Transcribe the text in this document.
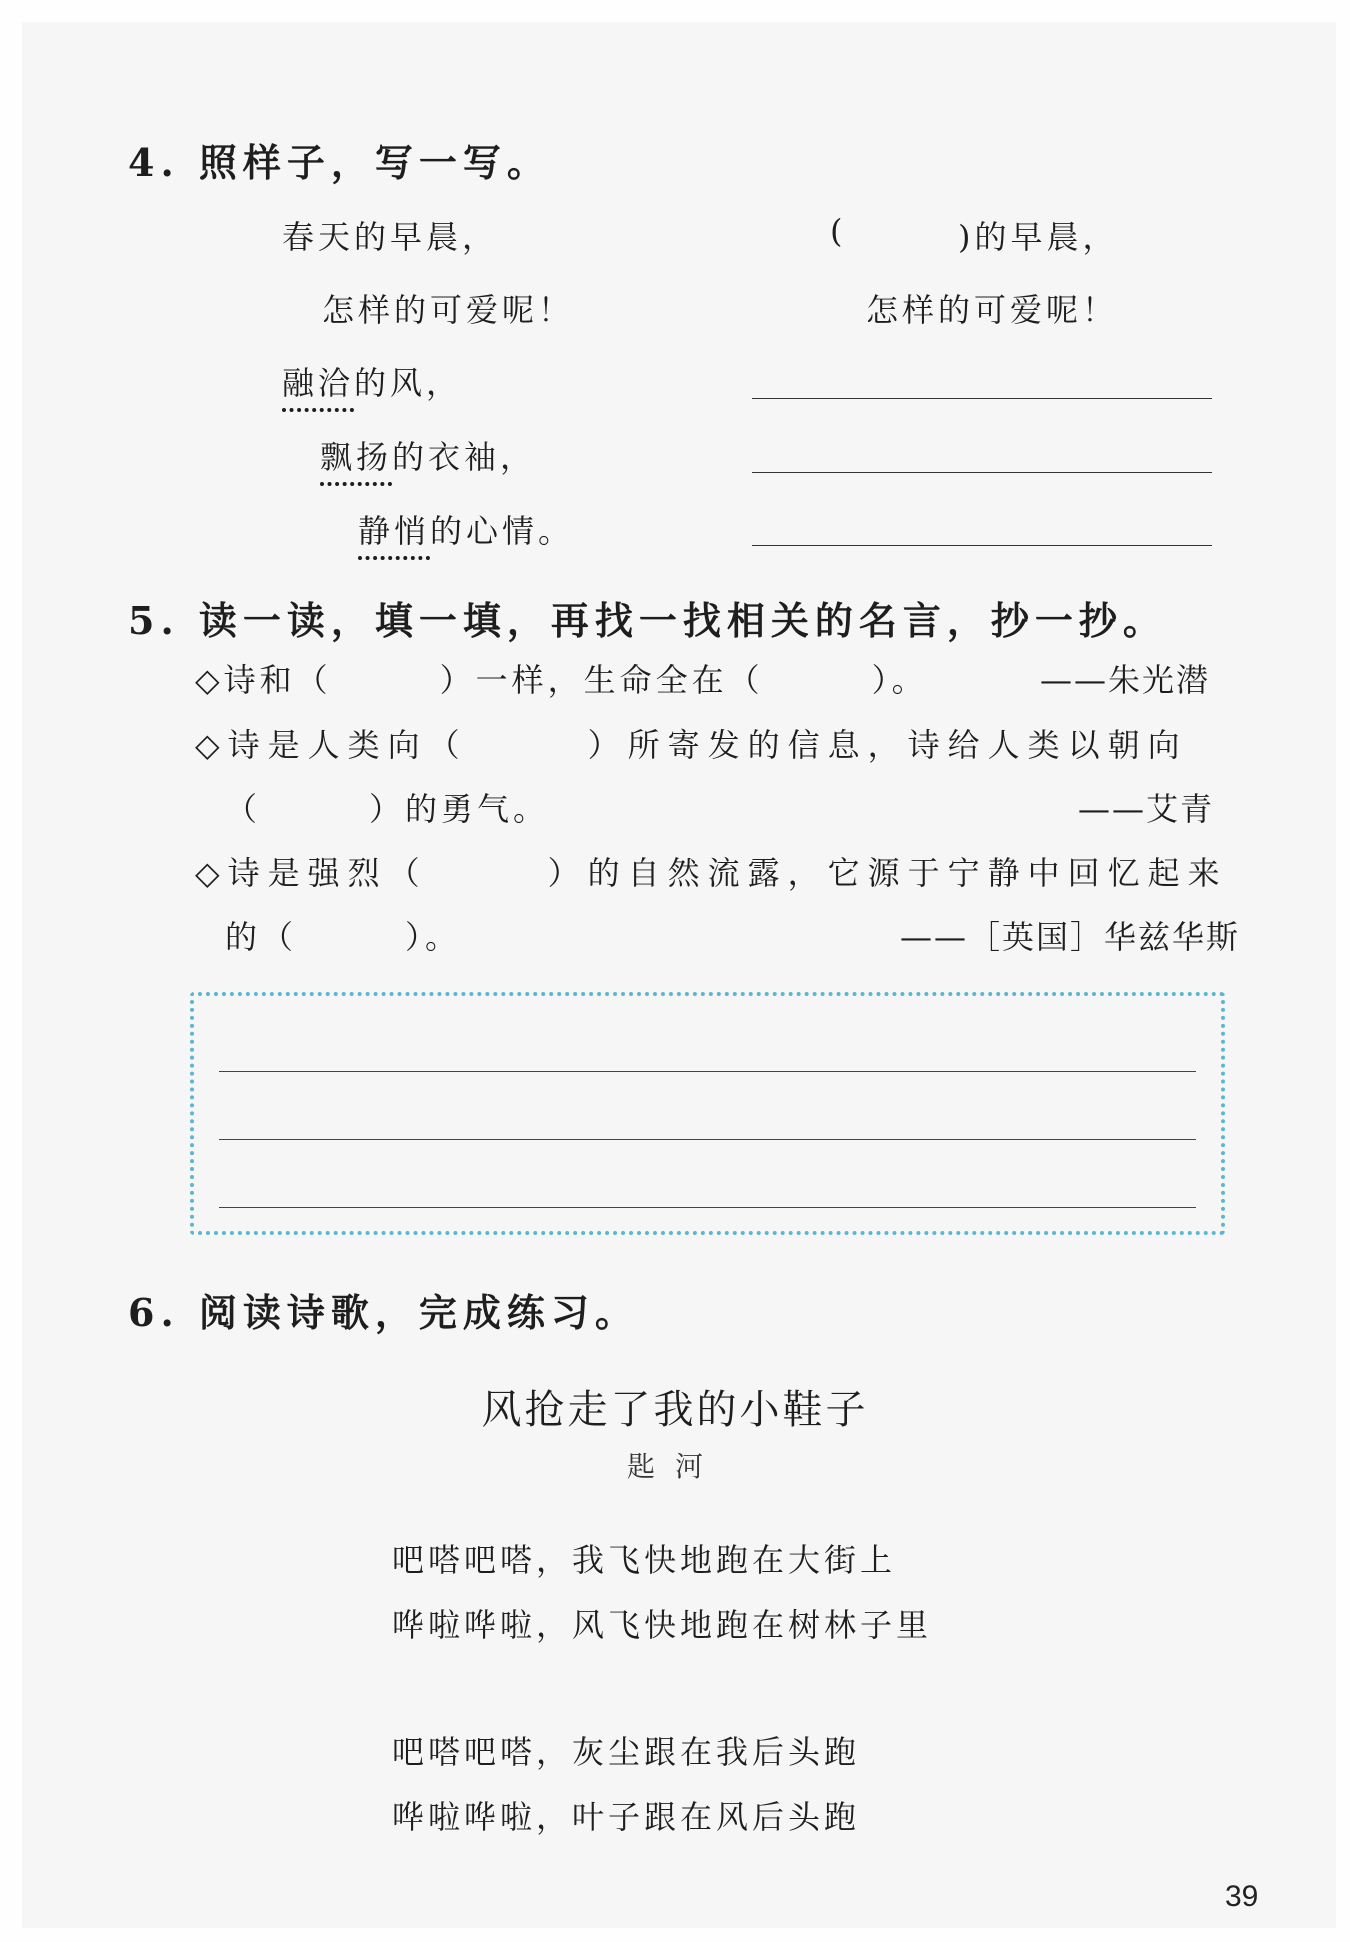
4. 照样子，写一写。
春天的早晨，
怎样的可爱呢！
融洽的风，
飘扬的衣袖，
静悄的心情。
(	)的早晨，
怎样的可爱呢！
5. 读一读，填一填，再找一找相关的名言，抄一抄。
◇诗和（　　　）一样，生命全在（　　　）。	——朱光潜
◇诗是人类向（　　　）所寄发的信息，诗给人类以朝向
（　　　）的勇气。	——艾青
◇诗是强烈（　　　）的自然流露，它源于宁静中回忆起来
的（　　　）。	——［英国］华兹华斯
6. 阅读诗歌，完成练习。
风抢走了我的小鞋子
匙河
吧嗒吧嗒，我飞快地跑在大街上
哗啦哗啦，风飞快地跑在树林子里
吧嗒吧嗒，灰尘跟在我后头跑
哗啦哗啦，叶子跟在风后头跑
39
